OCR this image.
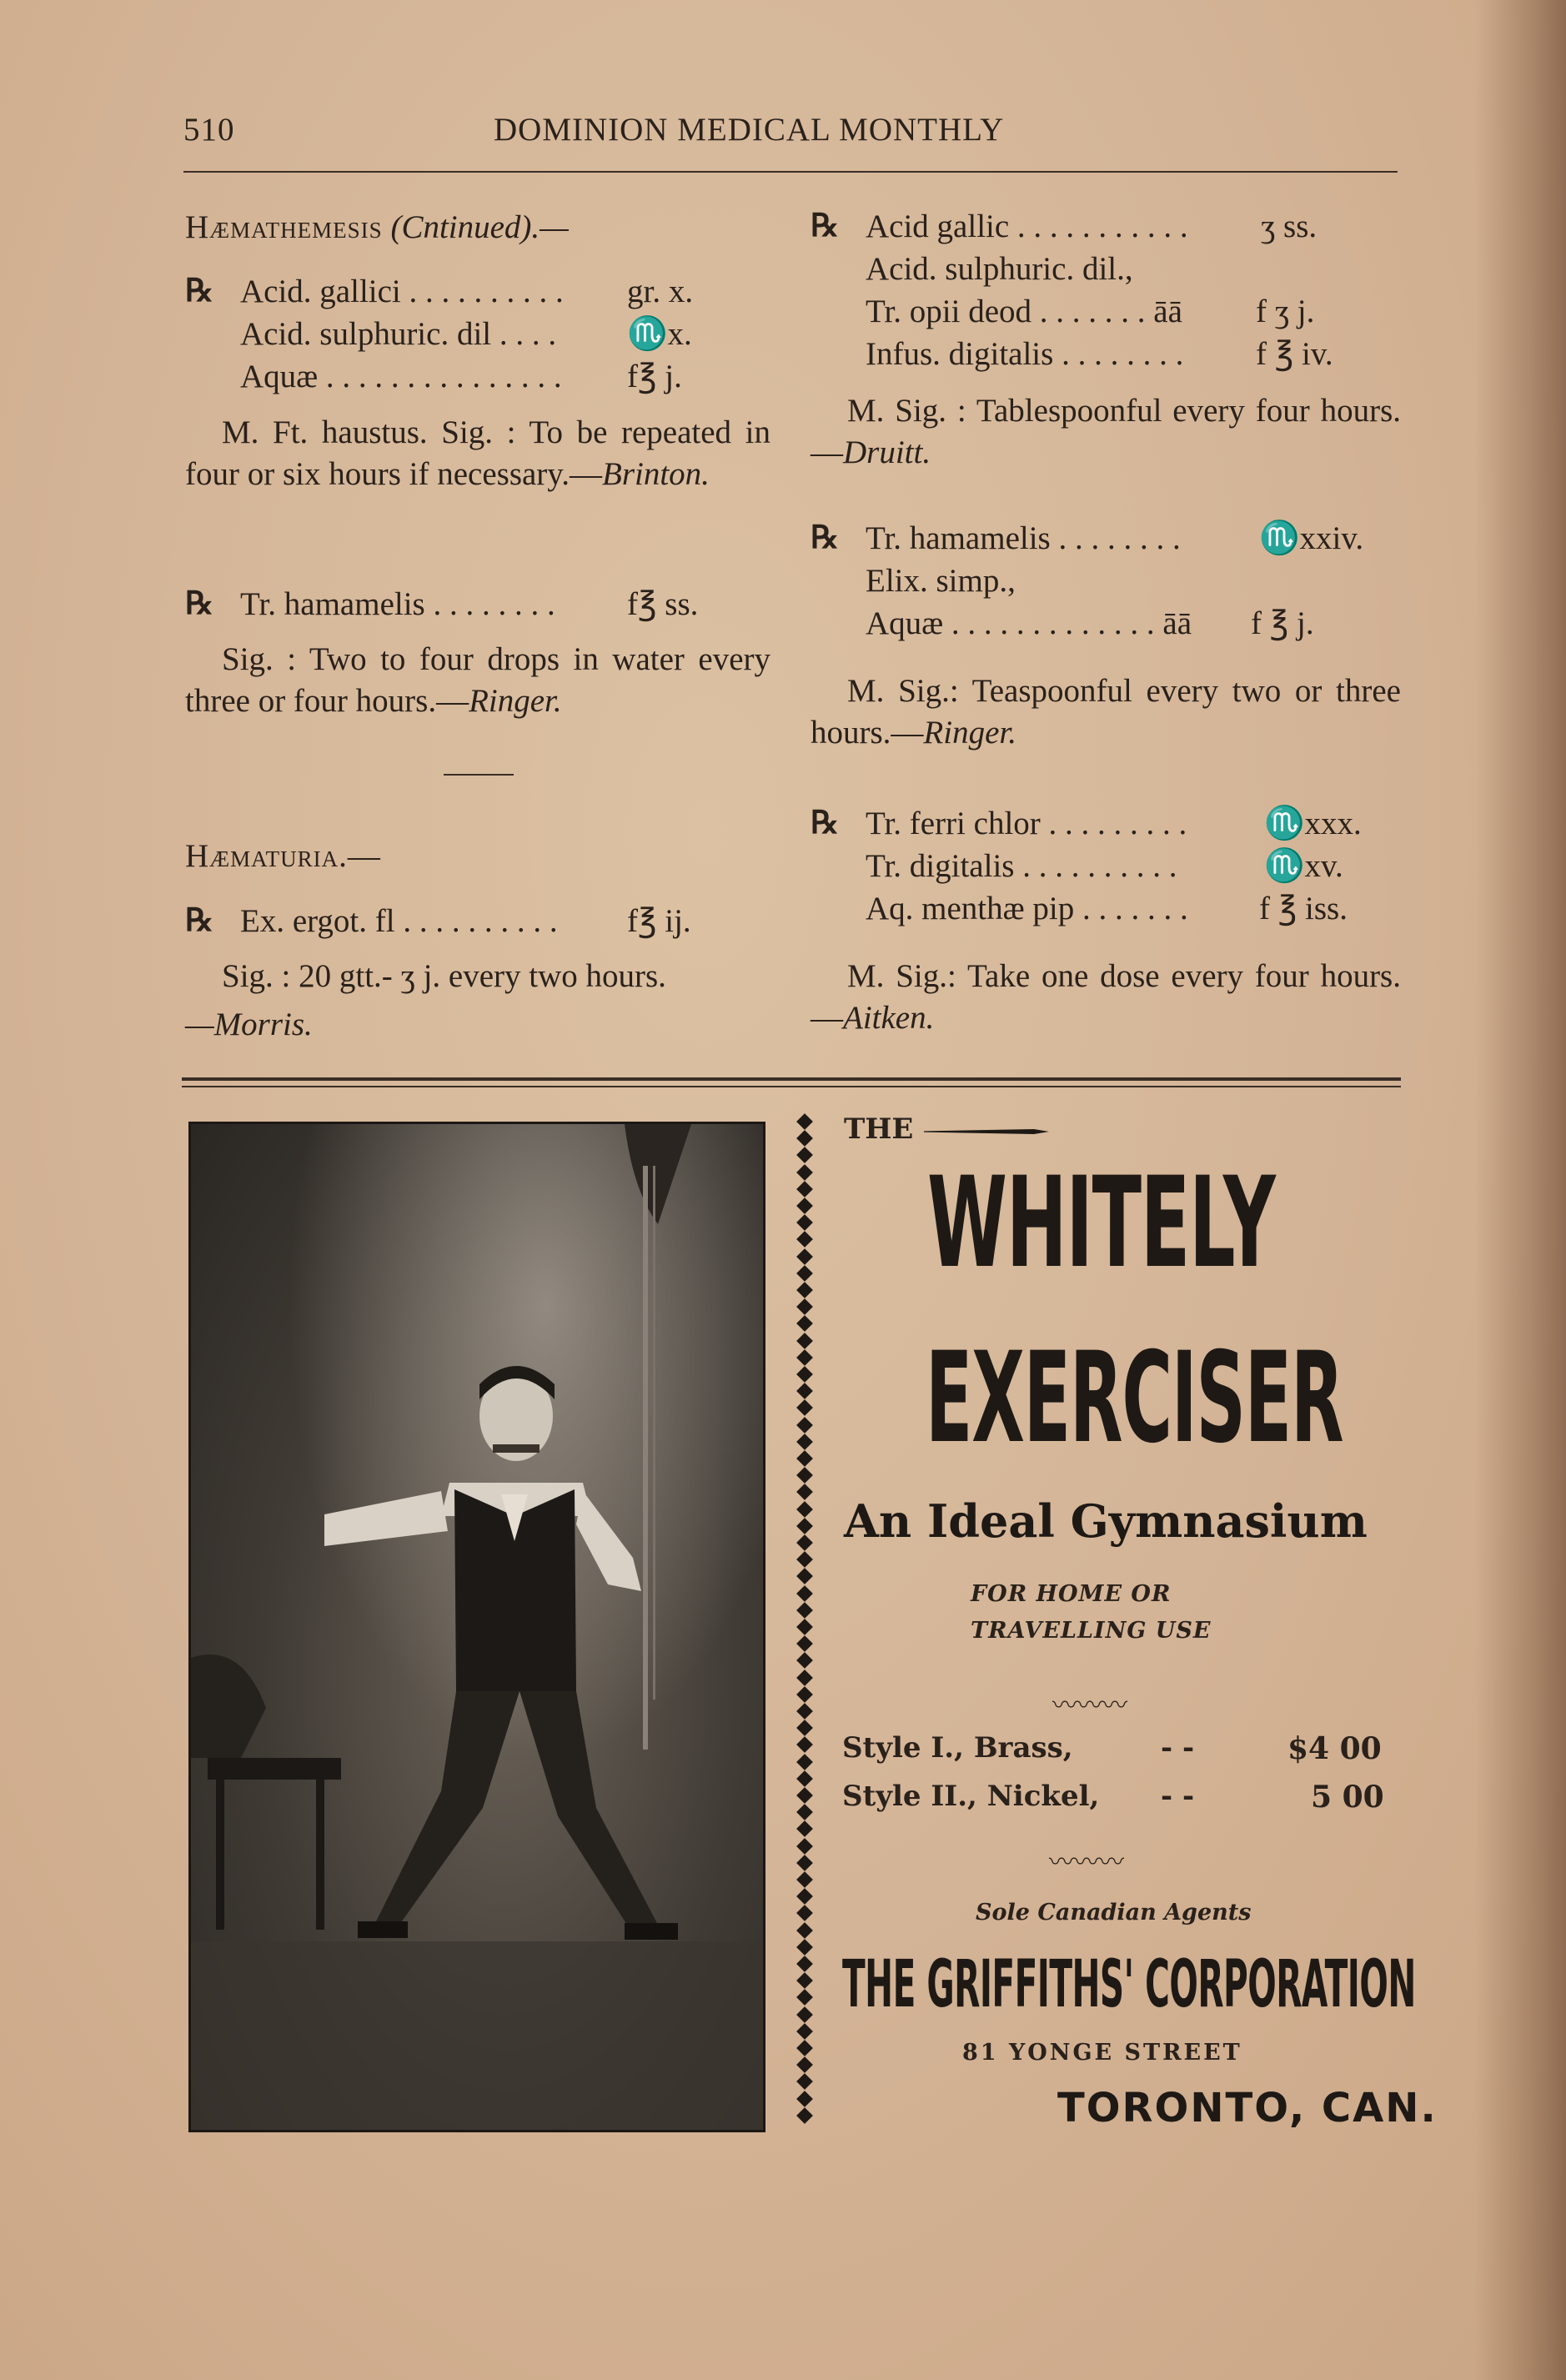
510	DOMINION MEDICAL MONTHLY
Hæmathemesis (Cntinued).—
℞ Acid. gallici . . . . . . . . . . gr. x.
Acid. sulphuric. dil . . . . ♏x.
Aquæ . . . . . . . . . . . . . . . f℥ j.
M. Ft. haustus. Sig. : To be repeated in four or six hours if necessary.—Brinton.
℞ Tr. hamamelis . . . . . . . . f℥ ss.
Sig. : Two to four drops in water every three or four hours.—Ringer.
Hæmaturia.—
℞ Ex. ergot. fl . . . . . . . . . . f℥ ij.
Sig. : 20 gtt.- ʒ j. every two hours.
—Morris.
℞ Acid gallic . . . . . . . . . . . ʒ ss.
Acid. sulphuric. dil.,
Tr. opii deod . . . . . . . āā f ʒ j.
Infus. digitalis . . . . . . . . f ℥ iv.
M. Sig. : Tablespoonful every four hours.—Druitt.
℞ Tr. hamamelis . . . . . . . . ♏xxiv.
Elix. simp.,
Aquæ . . . . . . . . . . . . . āā f ℥ j.
M. Sig.: Teaspoonful every two or three hours.—Ringer.
℞ Tr. ferri chlor . . . . . . . . . ♏xxx.
Tr. digitalis . . . . . . . . . .	♏xv.
Aq. menthæ pip . . . . . . . f ℥ iss.
M. Sig.: Take one dose every four hours.—Aitken.
THE
WHITELY
EXERCISER
An Ideal Gymnasium
FOR HOME OR
TRAVELLING USE
〰〰〰
Style I., Brass,	- -	$4 00
Style II., Nickel, - -	5 00
〰〰〰
Sole Canadian Agents
THE GRIFFITHS' CORPORATION
81 YONGE STREET
TORONTO, CAN.
